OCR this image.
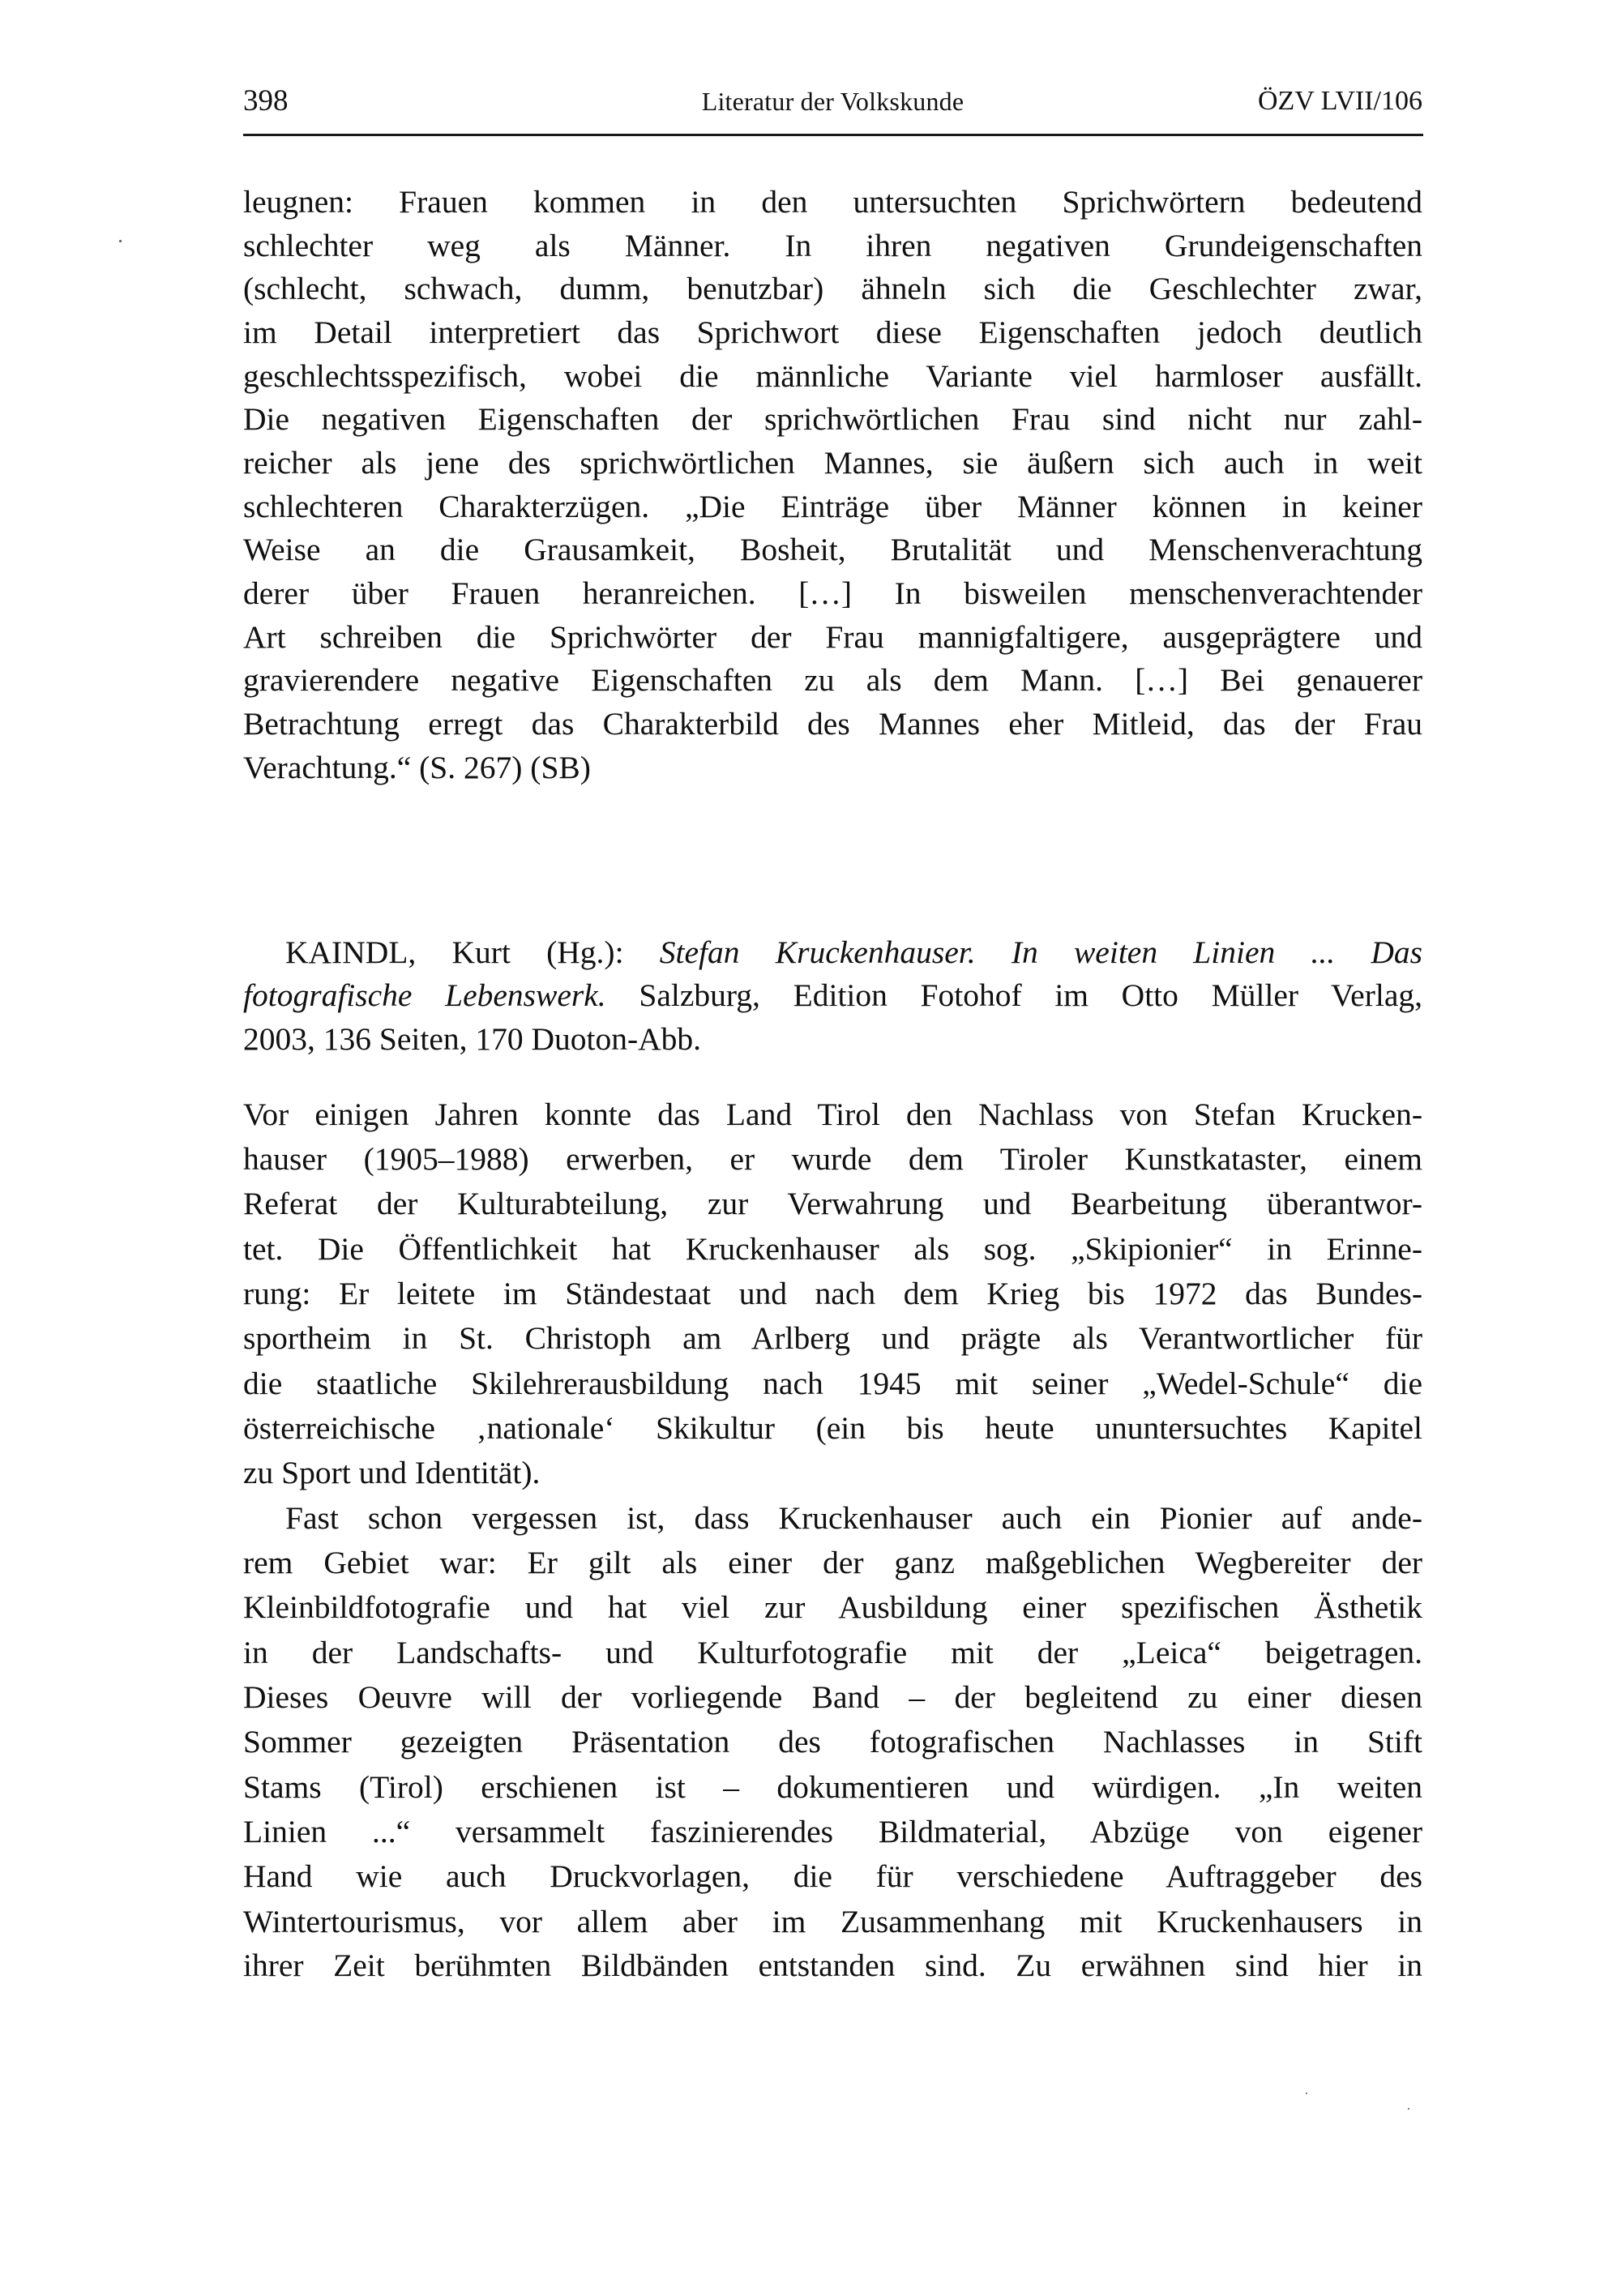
398	Literatur der Volkskunde	ÖZV LVII/106
leugnen: Frauen kommen in den untersuchten Sprichwörtern bedeutend
schlechter weg als Männer. In ihren negativen Grundeigenschaften
(schlecht, schwach, dumm, benutzbar) ähneln sich die Geschlechter zwar,
im Detail interpretiert das Sprichwort diese Eigenschaften jedoch deutlich
geschlechtsspezifisch, wobei die männliche Variante viel harmloser ausfällt.
Die negativen Eigenschaften der sprichwörtlichen Frau sind nicht nur zahl-
reicher als jene des sprichwörtlichen Mannes, sie äußern sich auch in weit
schlechteren Charakterzügen. „Die Einträge über Männer können in keiner
Weise an die Grausamkeit, Bosheit, Brutalität und Menschenverachtung
derer über Frauen heranreichen. […] In bisweilen menschenverachtender
Art schreiben die Sprichwörter der Frau mannigfaltigere, ausgeprägtere und
gravierendere negative Eigenschaften zu als dem Mann. […] Bei genauerer
Betrachtung erregt das Charakterbild des Mannes eher Mitleid, das der Frau
Verachtung.“ (S. 267) (SB)
KAINDL, Kurt (Hg.): Stefan Kruckenhauser. In weiten Linien ... Das
fotografische Lebenswerk. Salzburg, Edition Fotohof im Otto Müller Verlag,
2003, 136 Seiten, 170 Duoton-Abb.
Vor einigen Jahren konnte das Land Tirol den Nachlass von Stefan Krucken-
hauser (1905–1988) erwerben, er wurde dem Tiroler Kunstkataster, einem
Referat der Kulturabteilung, zur Verwahrung und Bearbeitung überantwor-
tet. Die Öffentlichkeit hat Kruckenhauser als sog. „Skipionier“ in Erinne-
rung: Er leitete im Ständestaat und nach dem Krieg bis 1972 das Bundes-
sportheim in St. Christoph am Arlberg und prägte als Verantwortlicher für
die staatliche Skilehrerausbildung nach 1945 mit seiner „Wedel-Schule“ die
österreichische ‚nationale‘ Skikultur (ein bis heute ununtersuchtes Kapitel
zu Sport und Identität).
Fast schon vergessen ist, dass Kruckenhauser auch ein Pionier auf ande-
rem Gebiet war: Er gilt als einer der ganz maßgeblichen Wegbereiter der
Kleinbildfotografie und hat viel zur Ausbildung einer spezifischen Ästhetik
in der Landschafts- und Kulturfotografie mit der „Leica“ beigetragen.
Dieses Oeuvre will der vorliegende Band – der begleitend zu einer diesen
Sommer gezeigten Präsentation des fotografischen Nachlasses in Stift
Stams (Tirol) erschienen ist – dokumentieren und würdigen. „In weiten
Linien ...“ versammelt faszinierendes Bildmaterial, Abzüge von eigener
Hand wie auch Druckvorlagen, die für verschiedene Auftraggeber des
Wintertourismus, vor allem aber im Zusammenhang mit Kruckenhausers in
ihrer Zeit berühmten Bildbänden entstanden sind. Zu erwähnen sind hier in
